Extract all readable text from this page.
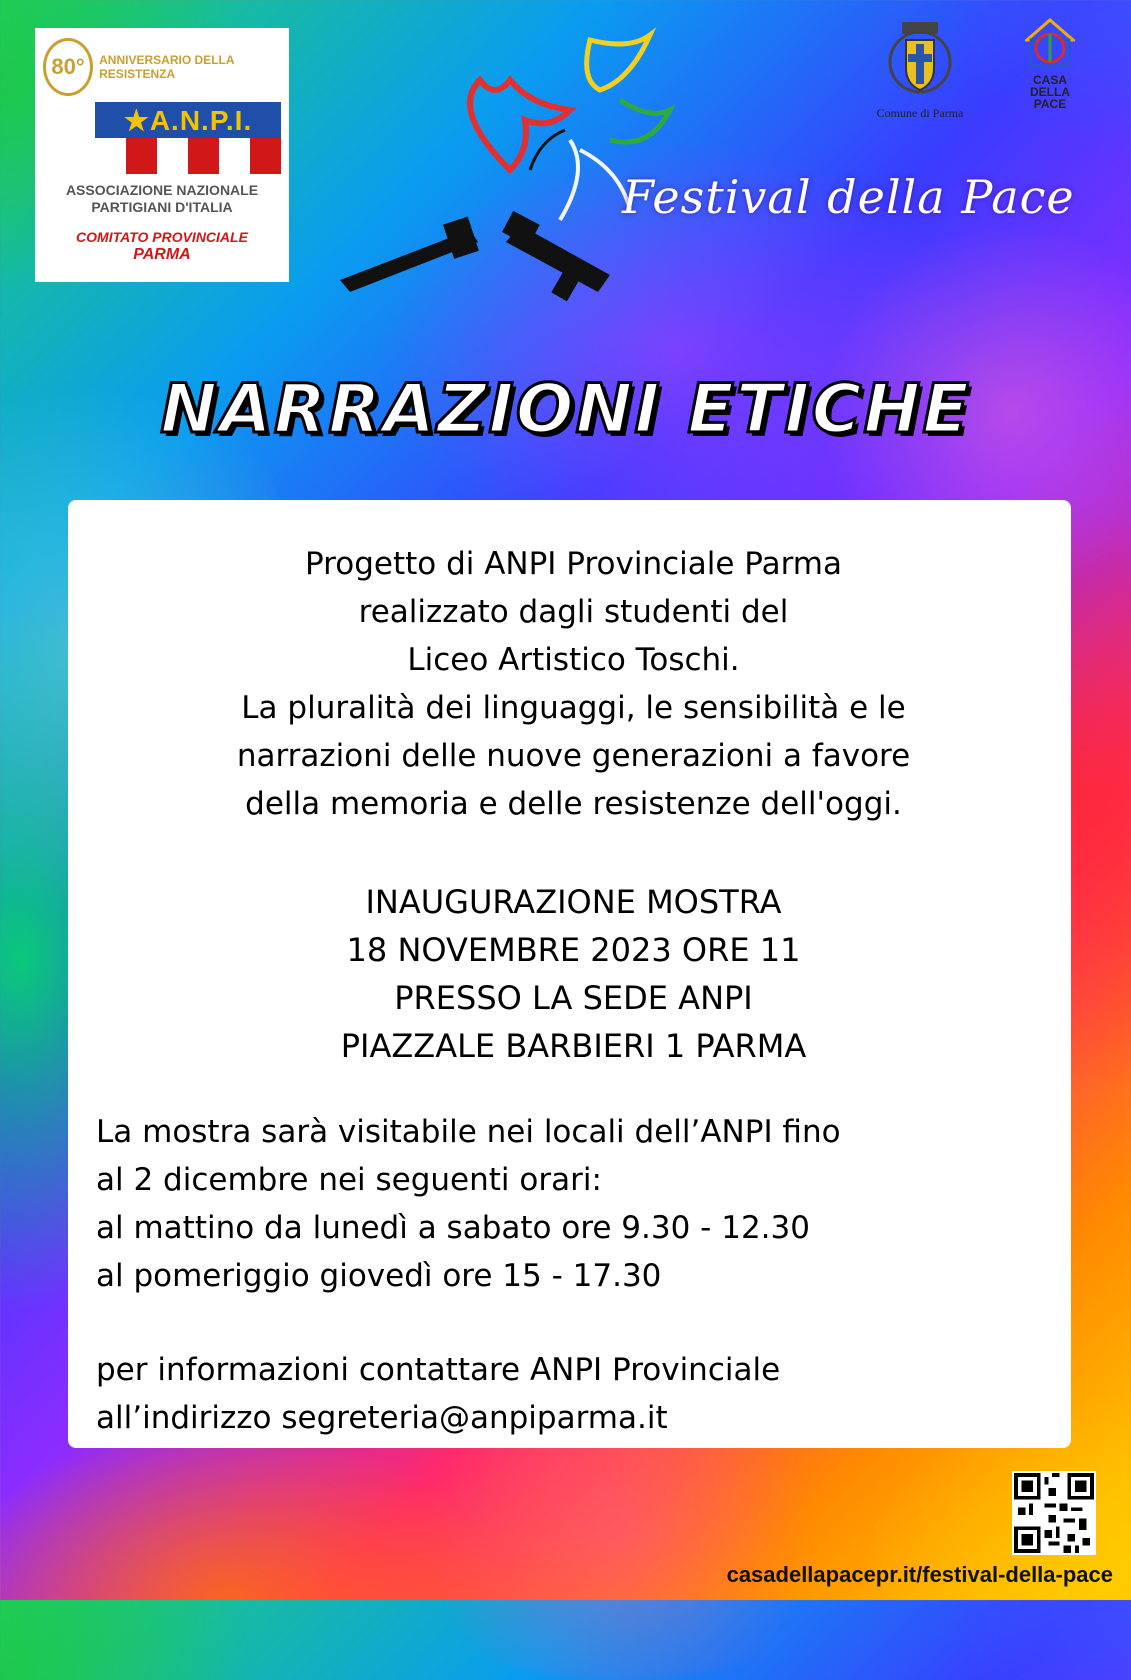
80°	ANNIVERSARIO DELLA RESISTENZA
★A.N.P.I.
ASSOCIAZIONE NAZIONALE
PARTIGIANI D'ITALIA
COMITATO PROVINCIALE
PARMA
Festival della Pace
Comune di Parma
CASA
DELLA
PACE
NARRAZIONI ETICHE
Progetto di ANPI Provinciale Parma
realizzato dagli studenti del
Liceo Artistico Toschi.
La pluralità dei linguaggi, le sensibilità e le
narrazioni delle nuove generazioni a favore
della memoria e delle resistenze dell'oggi.
INAUGURAZIONE MOSTRA
18 NOVEMBRE 2023 ORE 11
PRESSO LA SEDE ANPI
PIAZZALE BARBIERI 1 PARMA
La mostra sarà visitabile nei locali dell’ANPI fino
al 2 dicembre nei seguenti orari:
al mattino da lunedì a sabato ore 9.30 - 12.30
al pomeriggio giovedì ore 15 - 17.30
per informazioni contattare ANPI Provinciale
all’indirizzo segreteria@anpiparma.it
casadellapacepr.it/festival-della-pace
